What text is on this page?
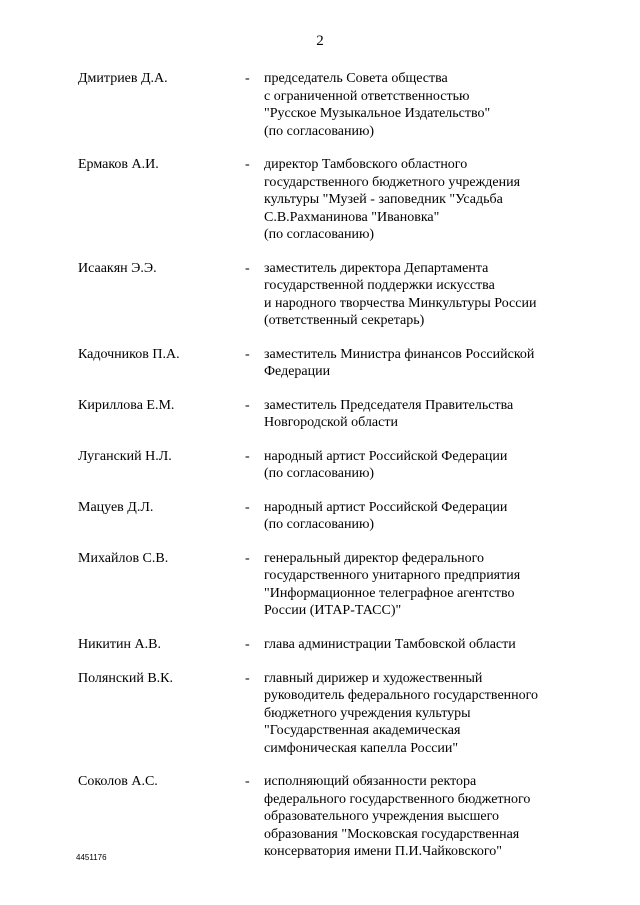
2
Дмитриев Д.А.	- председатель Совета общества
с ограниченной ответственностью
"Русское Музыкальное Издательство"
(по согласованию)
Ермаков А.И.	- директор Тамбовского областного
государственного бюджетного учреждения
культуры "Музей - заповедник "Усадьба
С.В.Рахманинова "Ивановка"
(по согласованию)
Исаакян Э.Э.	- заместитель директора Департамента
государственной поддержки искусства
и народного творчества Минкультуры России
(ответственный секретарь)
Кадочников П.А.	- заместитель Министра финансов Российской
Федерации
Кириллова Е.М.	- заместитель Председателя Правительства
Новгородской области
Луганский Н.Л.	- народный артист Российской Федерации
(по согласованию)
Мацуев Д.Л.	- народный артист Российской Федерации
(по согласованию)
Михайлов С.В.	- генеральный директор федерального
государственного унитарного предприятия
"Информационное телеграфное агентство
России (ИТАР-ТАСС)"
Никитин А.В.	- глава администрации Тамбовской области
Полянский В.К.	- главный дирижер и художественный
руководитель федерального государственного
бюджетного учреждения культуры
"Государственная академическая
симфоническая капелла России"
Соколов А.С.	- исполняющий обязанности ректора
федерального государственного бюджетного
образовательного учреждения высшего
образования "Московская государственная
консерватория имени П.И.Чайковского"
4451176
